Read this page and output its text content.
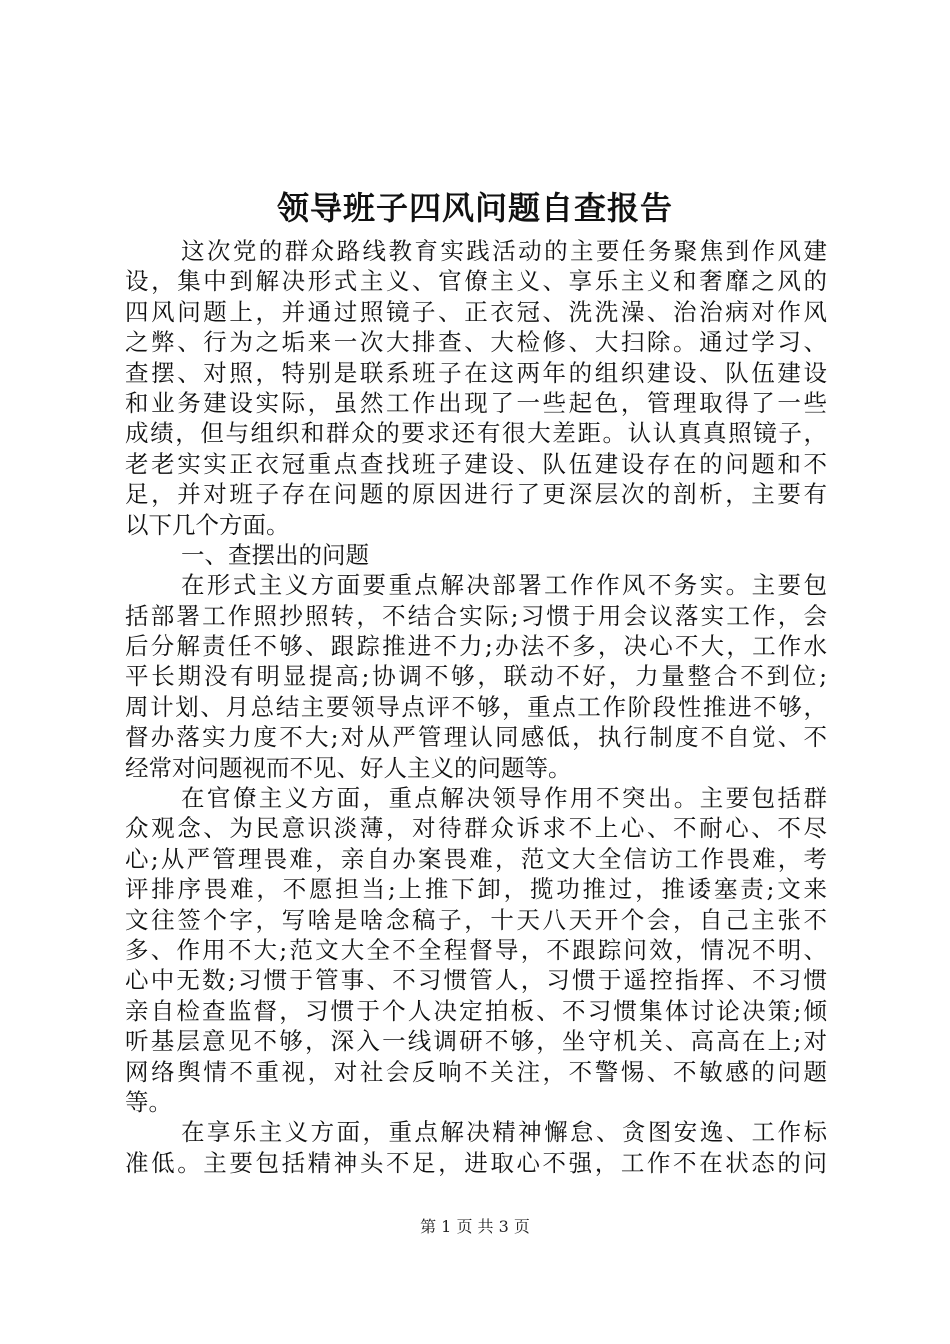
领导班子四风问题自查报告
这次党的群众路线教育实践活动的主要任务聚焦到作风建
设，集中到解决形式主义、官僚主义、享乐主义和奢靡之风的
四风问题上，并通过照镜子、正衣冠、洗洗澡、治治病对作风
之弊、行为之垢来一次大排查、大检修、大扫除。通过学习、
查摆、对照，特别是联系班子在这两年的组织建设、队伍建设
和业务建设实际，虽然工作出现了一些起色，管理取得了一些
成绩，但与组织和群众的要求还有很大差距。认认真真照镜子，
老老实实正衣冠重点查找班子建设、队伍建设存在的问题和不
足，并对班子存在问题的原因进行了更深层次的剖析，主要有
以下几个方面。
一、查摆出的问题
在形式主义方面要重点解决部署工作作风不务实。主要包
括部署工作照抄照转，不结合实际;习惯于用会议落实工作，会
后分解责任不够、跟踪推进不力;办法不多，决心不大，工作水
平长期没有明显提高;协调不够，联动不好，力量整合不到位;
周计划、月总结主要领导点评不够，重点工作阶段性推进不够，
督办落实力度不大;对从严管理认同感低，执行制度不自觉、不
经常对问题视而不见、好人主义的问题等。
在官僚主义方面，重点解决领导作用不突出。主要包括群
众观念、为民意识淡薄，对待群众诉求不上心、不耐心、不尽
心;从严管理畏难，亲自办案畏难，范文大全信访工作畏难，考
评排序畏难，不愿担当;上推下卸，揽功推过，推诿塞责;文来
文往签个字，写啥是啥念稿子，十天八天开个会，自己主张不
多、作用不大;范文大全不全程督导，不跟踪问效，情况不明、
心中无数;习惯于管事、不习惯管人，习惯于遥控指挥、不习惯
亲自检查监督，习惯于个人决定拍板、不习惯集体讨论决策;倾
听基层意见不够，深入一线调研不够，坐守机关、高高在上;对
网络舆情不重视，对社会反响不关注，不警惕、不敏感的问题
等。
在享乐主义方面，重点解决精神懈怠、贪图安逸、工作标
准低。主要包括精神头不足，进取心不强，工作不在状态的问
第 1 页 共 3 页
